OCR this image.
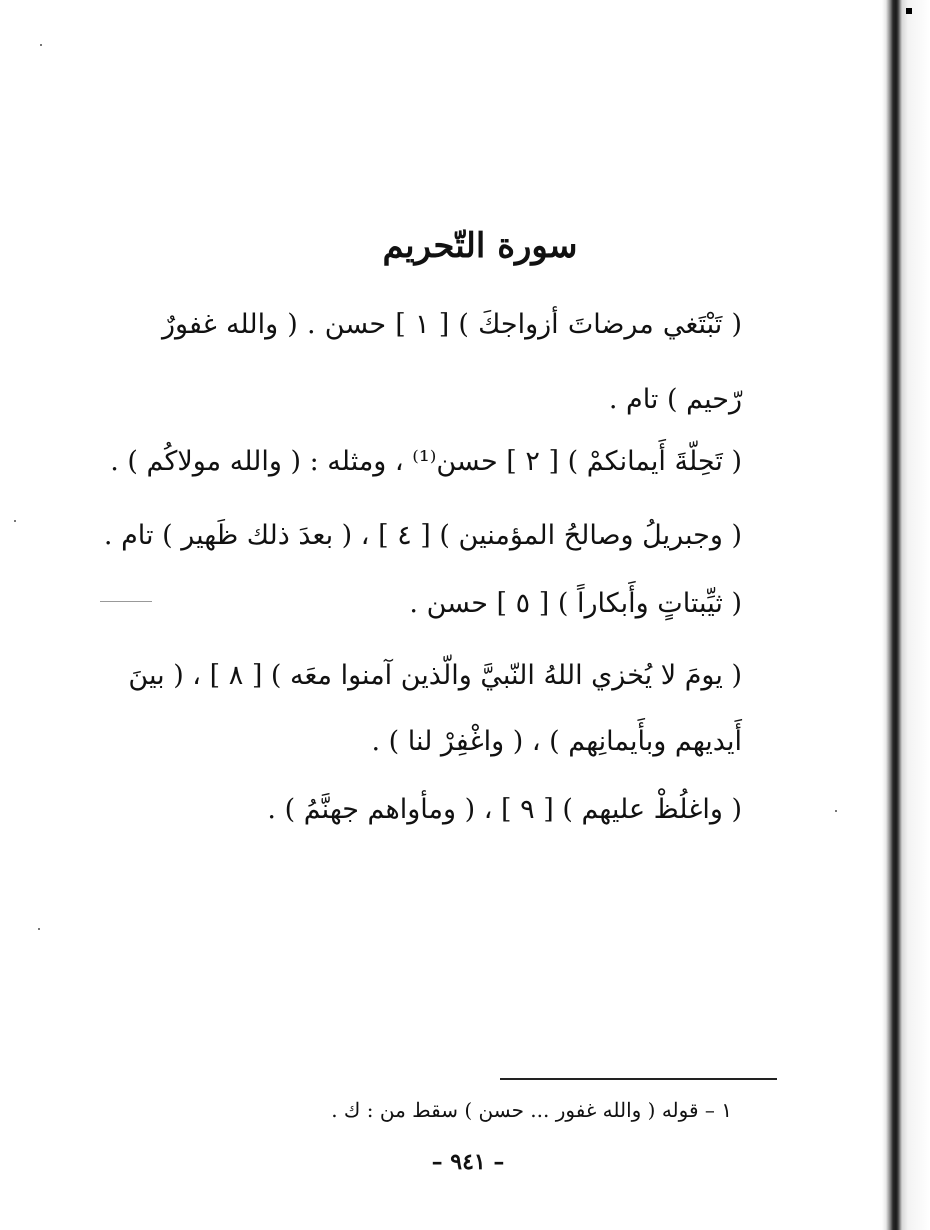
سورة التّحريم
( تَبْتَغي مرضاتَ أزواجكَ ) [ ١ ] حسن . ( والله غفورٌ
رّحيم ) تام .
( تَحِلّةَ أَيمانكمْ ) [ ٢ ] حسن⁽¹⁾ ، ومثله : ( والله مولاكُم ) .
( وجبريلُ وصالحُ المؤمنين ) [ ٤ ] ، ( بعدَ ذلك ظَهير ) تام .
( ثيِّبتاتٍ وأَبكاراً ) [ ٥ ] حسن .
( يومَ لا يُخزي اللهُ النّبيَّ والّذين آمنوا معَه ) [ ٨ ] ، ( بينَ
أَيديهم وبأَيمانِهم ) ، ( واغْفِرْ لنا ) .
( واغلُظْ عليهم ) [ ٩ ] ، ( ومأواهم جهنَّمُ ) .
١ – قوله ( والله غفور ... حسن ) سقط من : ك .
– ٩٤١ –
